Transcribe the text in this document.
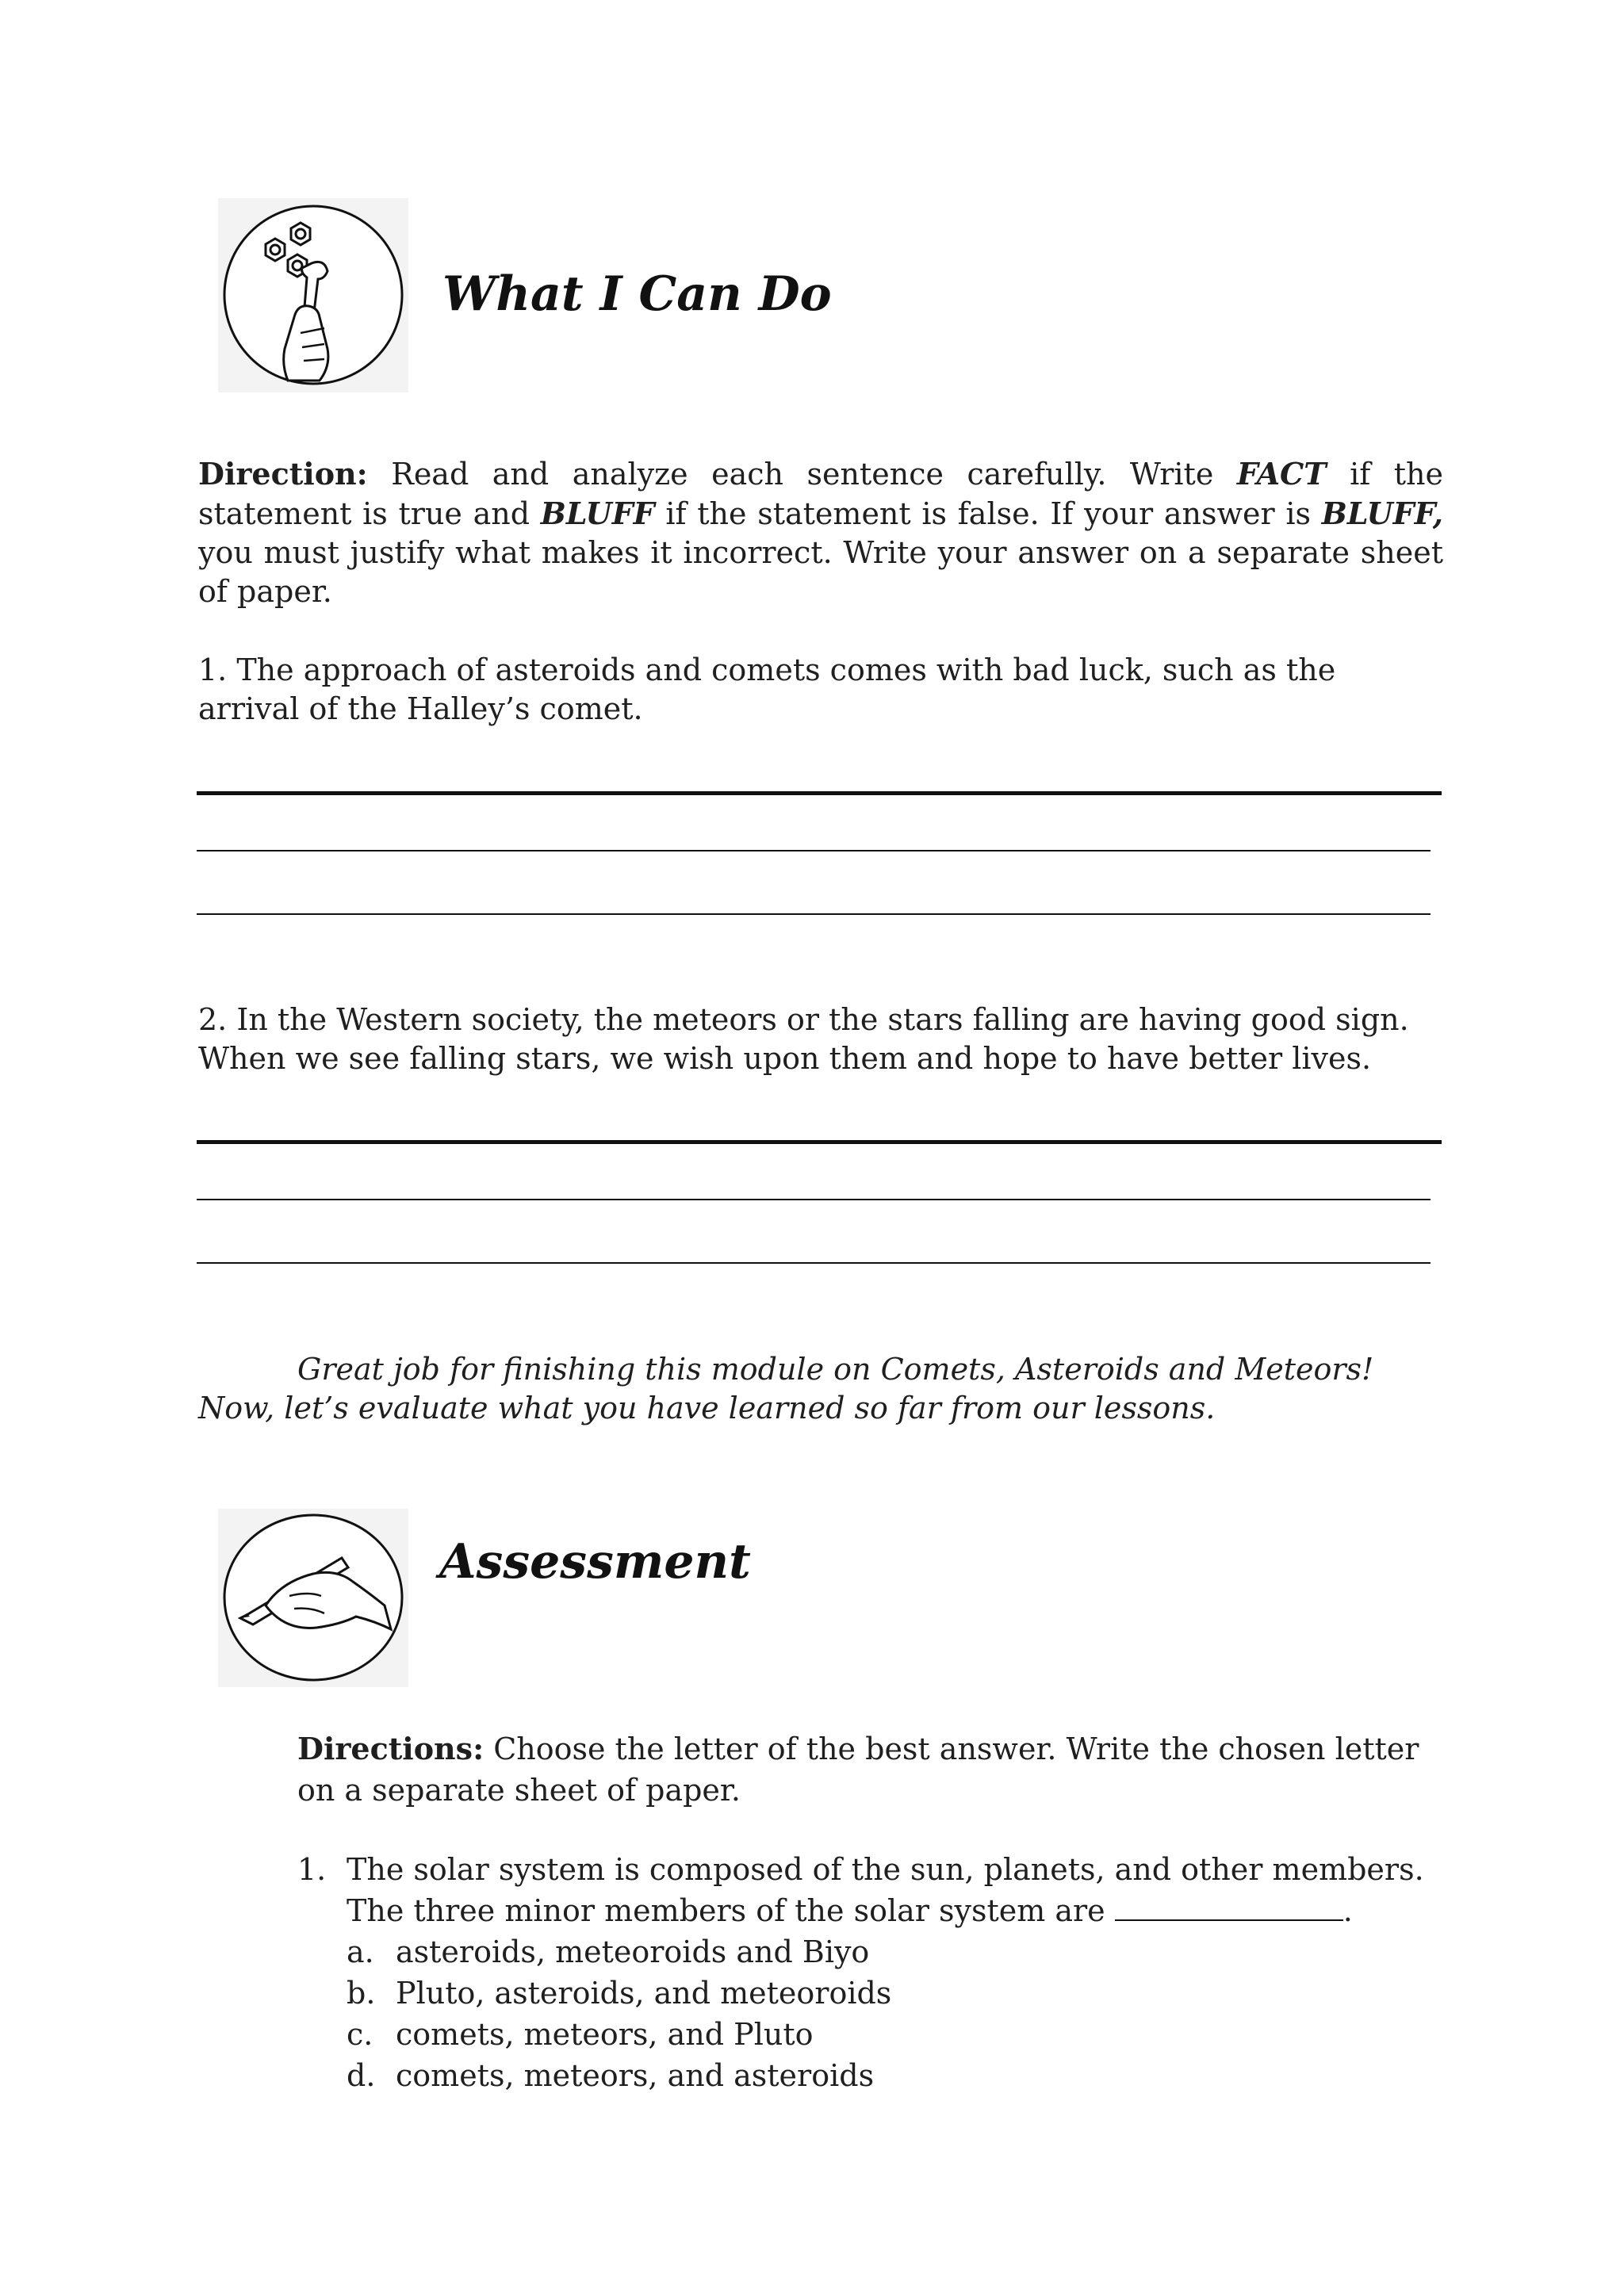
What I Can Do
Direction: Read and analyze each sentence carefully. Write FACT if the statement is true and BLUFF if the statement is false. If your answer is BLUFF, you must justify what makes it incorrect. Write your answer on a separate sheet of paper.
1. The approach of asteroids and comets comes with bad luck, such as the arrival of the Halley’s comet.
2. In the Western society, the meteors or the stars falling are having good sign. When we see falling stars, we wish upon them and hope to have better lives.
Great job for finishing this module on Comets, Asteroids and Meteors! Now, let’s evaluate what you have learned so far from our lessons.
Assessment
Directions: Choose the letter of the best answer. Write the chosen letter on a separate sheet of paper.
1. The solar system is composed of the sun, planets, and other members. The three minor members of the solar system are	.
a. asteroids, meteoroids and Biyo
b. Pluto, asteroids, and meteoroids
c. comets, meteors, and Pluto
d. comets, meteors, and asteroids
